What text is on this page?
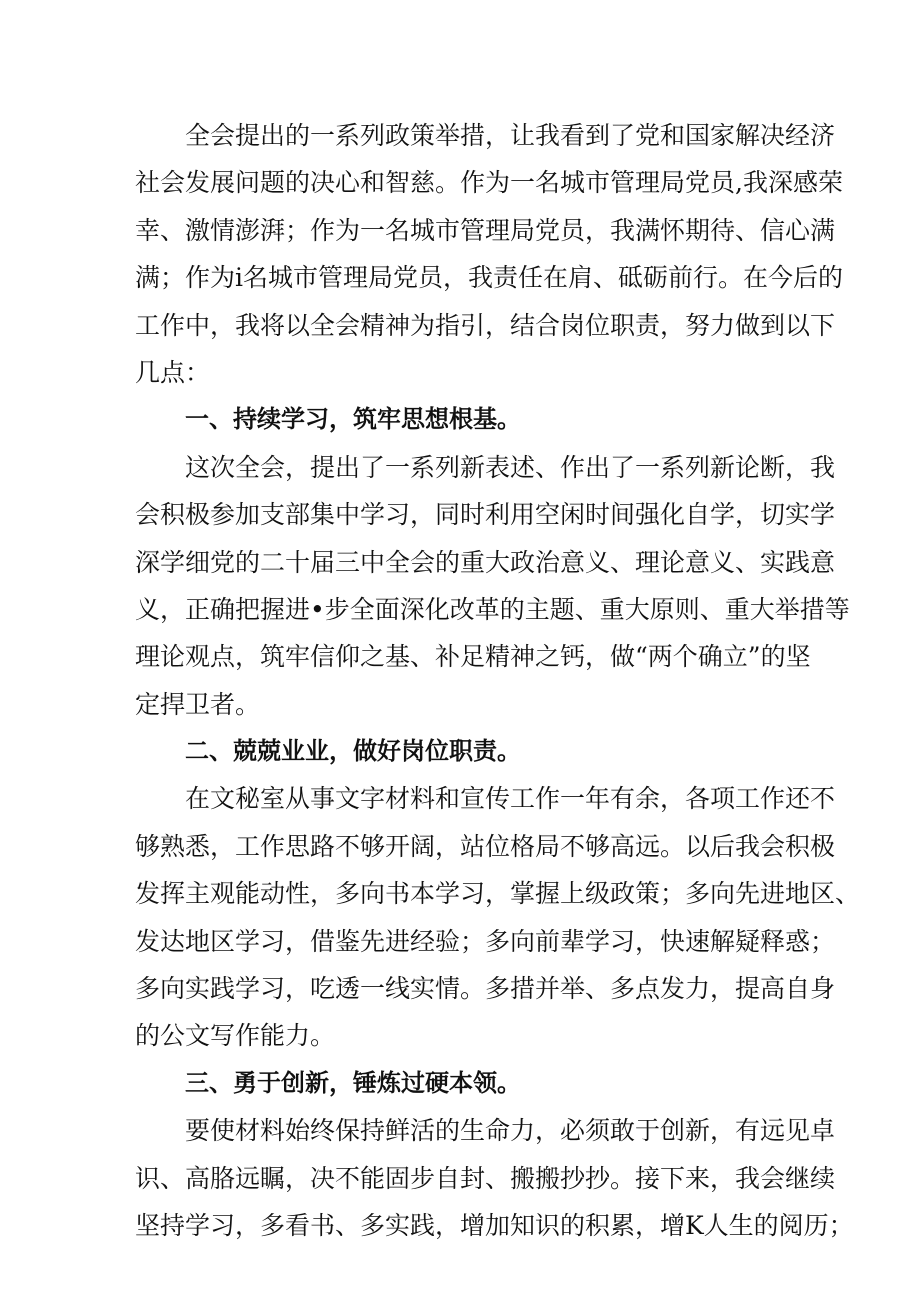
全会提出的一系列政策举措，让我看到了党和国家解决经济
社会发展问题的决心和智慈。作为一名城市管理局党员,我深感荣
幸、激情澎湃；作为一名城市管理局党员，我满怀期待、信心满
满；作为i名城市管理局党员，我责任在肩、砥砺前行。在今后的
工作中，我将以全会精神为指引，结合岗位职责，努力做到以下
几点：
一、持续学习，筑牢思想根基。
这次全会，提出了一系列新表述、作出了一系列新论断，我
会积极参加支部集中学习，同时利用空闲时间强化自学，切实学
深学细党的二十届三中全会的重大政治意义、理论意义、实践意
义，正确把握进•步全面深化改革的主题、重大原则、重大举措等
理论观点，筑牢信仰之基、补足精神之钙，做“两个确立”的坚
定捍卫者。
二、兢兢业业，做好岗位职责。
在文秘室从事文字材料和宣传工作一年有余，各项工作还不
够熟悉，工作思路不够开阔，站位格局不够高远。以后我会积极
发挥主观能动性，多向书本学习，掌握上级政策；多向先进地区、
发达地区学习，借鉴先进经验；多向前辈学习，快速解疑释惑；
多向实践学习，吃透一线实情。多措并举、多点发力，提高自身
的公文写作能力。
三、勇于创新，锤炼过硬本领。
要使材料始终保持鲜活的生命力，必须敢于创新，有远见卓
识、高胳远瞩，决不能固步自封、搬搬抄抄。接下来，我会继续
坚持学习，多看书、多实践，增加知识的积累，增K人生的阅历；
